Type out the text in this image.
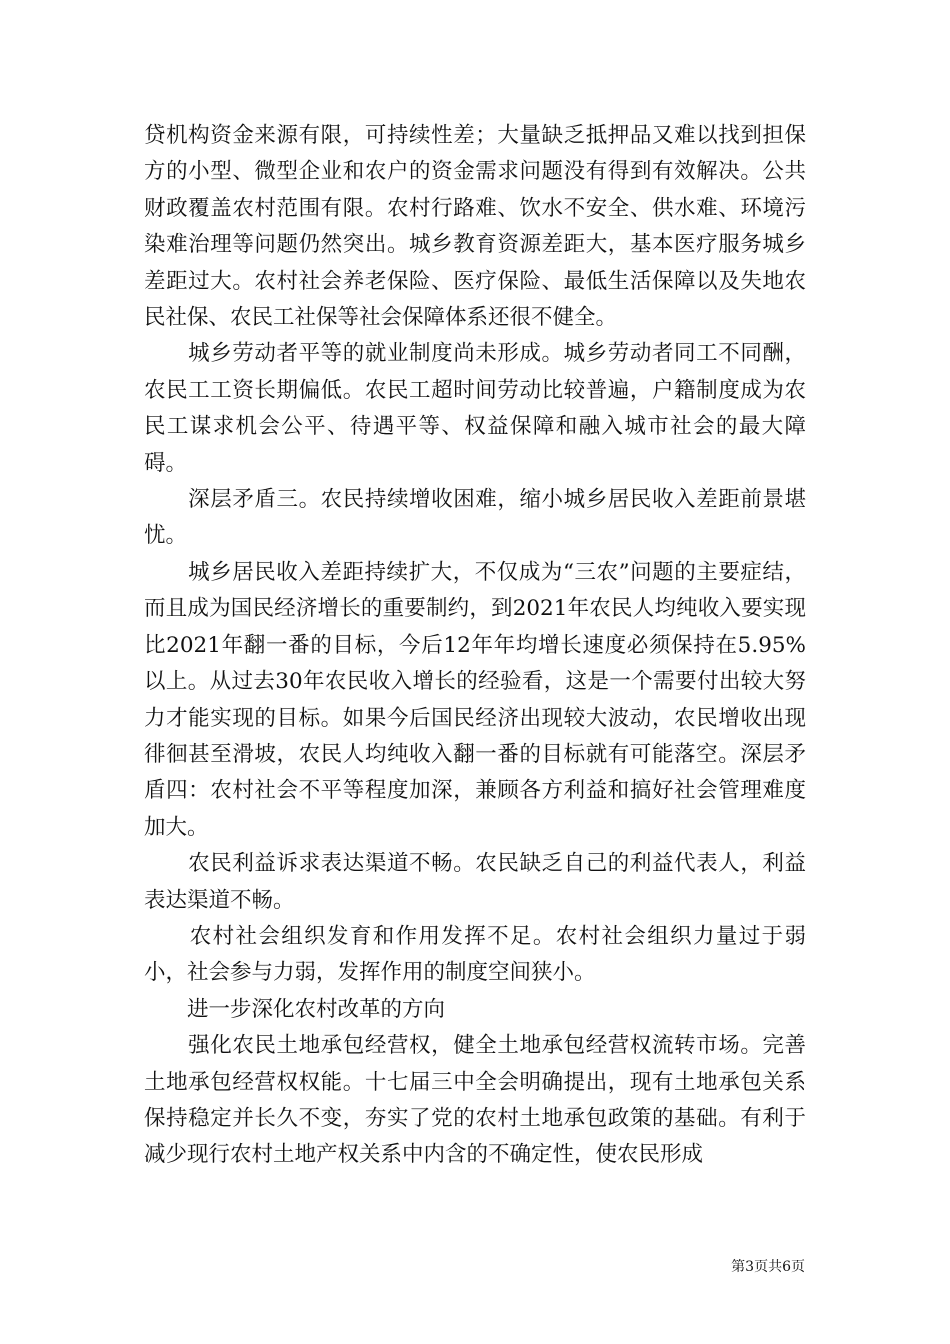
贷机构资金来源有限，可持续性差；大量缺乏抵押品又难以找到担保方的小型、微型企业和农户的资金需求问题没有得到有效解决。公共财政覆盖农村范围有限。农村行路难、饮水不安全、供水难、环境污染难治理等问题仍然突出。城乡教育资源差距大，基本医疗服务城乡差距过大。农村社会养老保险、医疗保险、最低生活保障以及失地农民社保、农民工社保等社会保障体系还很不健全。

　　城乡劳动者平等的就业制度尚未形成。城乡劳动者同工不同酬，农民工工资长期偏低。农民工超时间劳动比较普遍，户籍制度成为农民工谋求机会公平、待遇平等、权益保障和融入城市社会的最大障碍。

　　深层矛盾三。农民持续增收困难，缩小城乡居民收入差距前景堪忧。

　　城乡居民收入差距持续扩大，不仅成为“三农”问题的主要症结，而且成为国民经济增长的重要制约，到2021年农民人均纯收入要实现比2021年翻一番的目标，今后12年年均增长速度必须保持在5.95%以上。从过去30年农民收入增长的经验看，这是一个需要付出较大努力才能实现的目标。如果今后国民经济出现较大波动，农民增收出现徘徊甚至滑坡，农民人均纯收入翻一番的目标就有可能落空。深层矛盾四：农村社会不平等程度加深，兼顾各方利益和搞好社会管理难度加大。

　　农民利益诉求表达渠道不畅。农民缺乏自己的利益代表人，利益表达渠道不畅。

　　农村社会组织发育和作用发挥不足。农村社会组织力量过于弱小，社会参与力弱，发挥作用的制度空间狭小。

　　进一步深化农村改革的方向

　　强化农民土地承包经营权，健全土地承包经营权流转市场。完善土地承包经营权权能。十七届三中全会明确提出，现有土地承包关系保持稳定并长久不变，夯实了党的农村土地承包政策的基础。有利于减少现行农村土地产权关系中内含的不确定性，使农民形成

第3页共6页
